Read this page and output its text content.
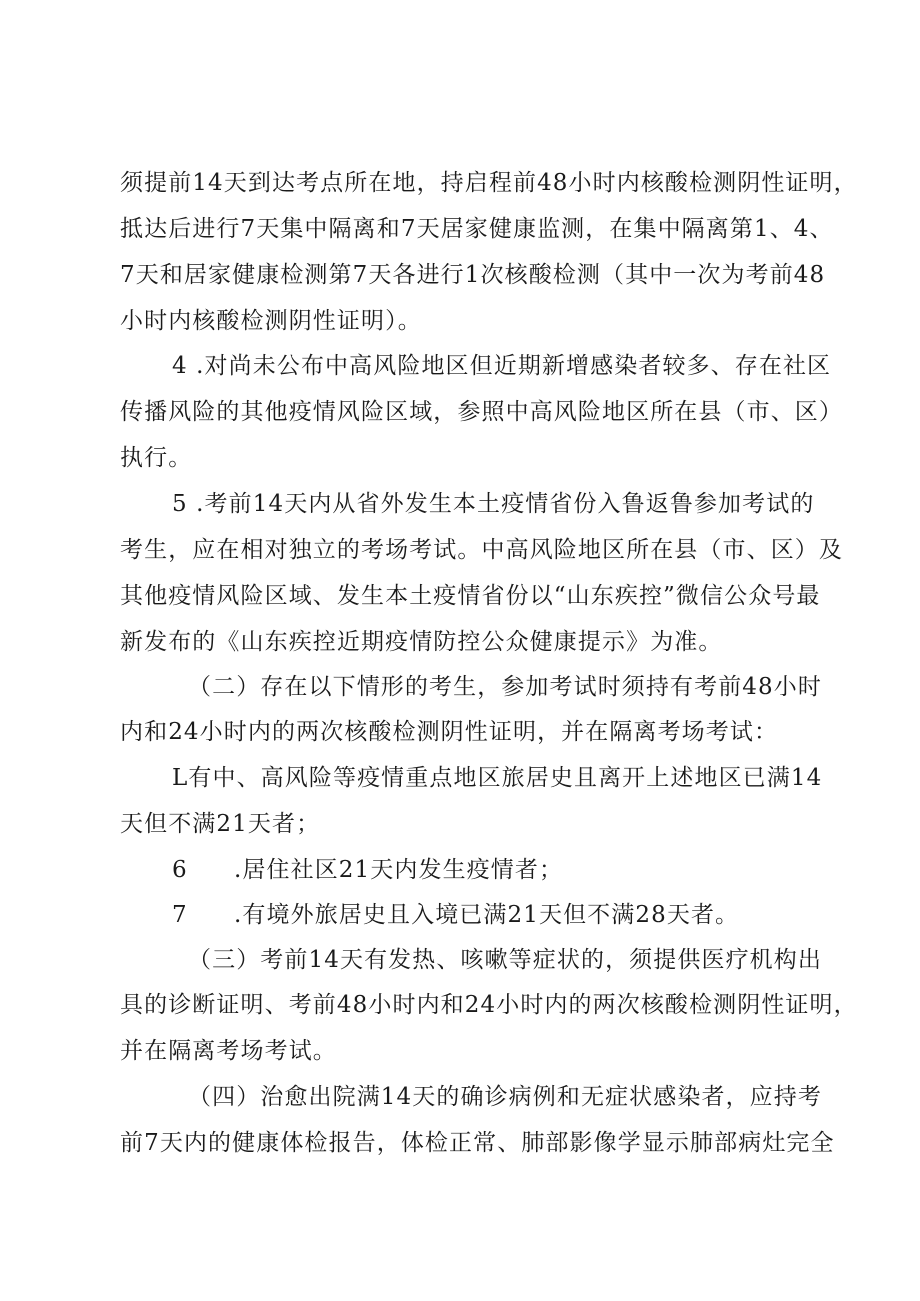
须提前14天到达考点所在地，持启程前48小时内核酸检测阴性证明，

抵达后进行7天集中隔离和7天居家健康监测，在集中隔离第1、4、

7天和居家健康检测第7天各进行1次核酸检测（其中一次为考前48

小时内核酸检测阴性证明）。

4 .对尚未公布中高风险地区但近期新增感染者较多、存在社区

传播风险的其他疫情风险区域，参照中高风险地区所在县（市、区）

执行。

5 .考前14天内从省外发生本土疫情省份入鲁返鲁参加考试的

考生，应在相对独立的考场考试。中高风险地区所在县（市、区）及

其他疫情风险区域、发生本土疫情省份以“山东疾控”微信公众号最

新发布的《山东疾控近期疫情防控公众健康提示》为准。

（二）存在以下情形的考生，参加考试时须持有考前48小时

内和24小时内的两次核酸检测阴性证明，并在隔离考场考试：

L有中、高风险等疫情重点地区旅居史且离开上述地区已满14

天但不满21天者；

6 .居住社区21天内发生疫情者；

7 .有境外旅居史且入境已满21天但不满28天者。

（三）考前14天有发热、咳嗽等症状的，须提供医疗机构出

具的诊断证明、考前48小时内和24小时内的两次核酸检测阴性证明，

并在隔离考场考试。

（四）治愈出院满14天的确诊病例和无症状感染者，应持考

前7天内的健康体检报告，体检正常、肺部影像学显示肺部病灶完全
